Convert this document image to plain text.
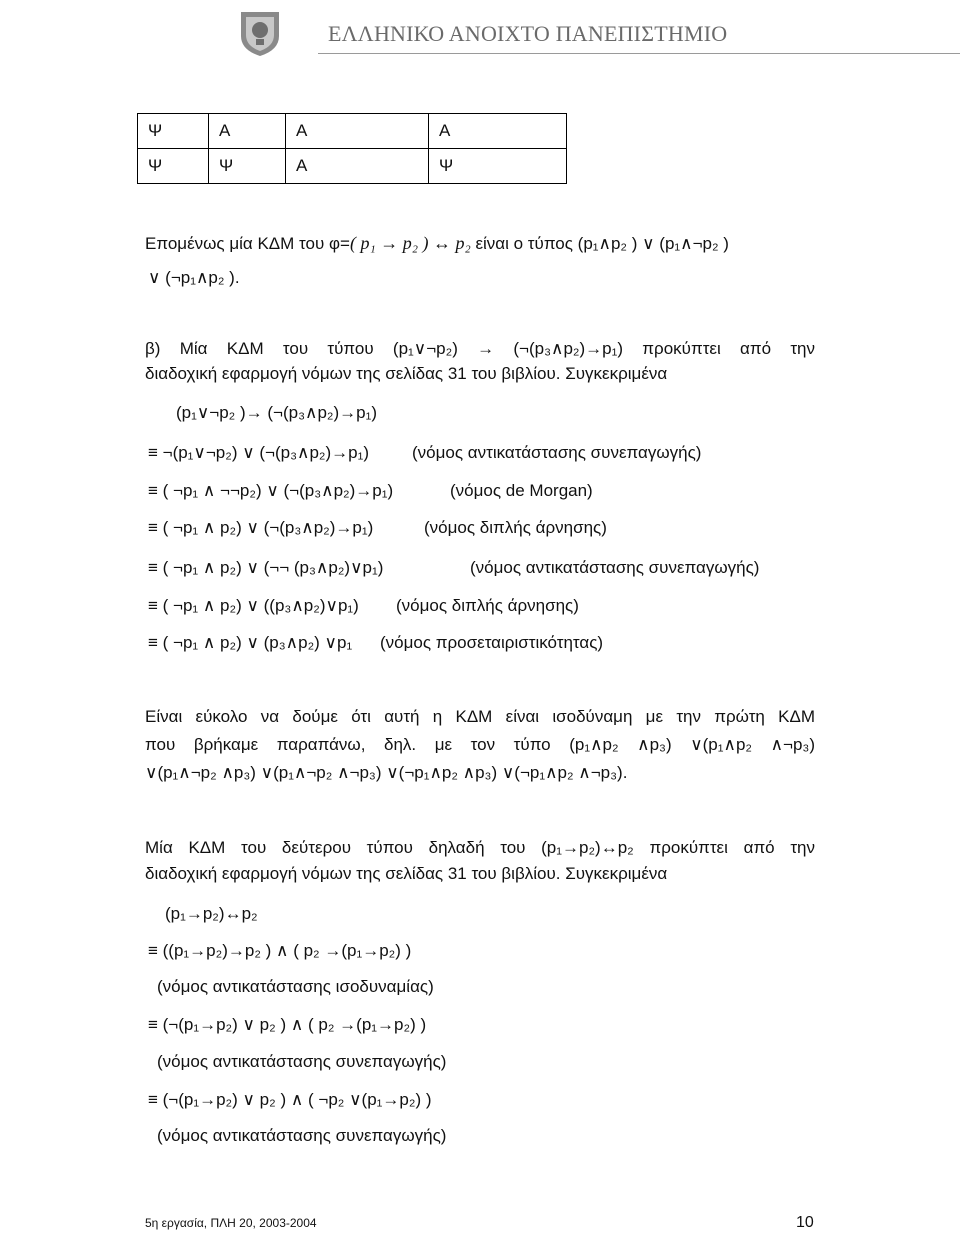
ΕΛΛΗΝΙΚΟ ΑΝΟΙΧΤΟ ΠΑΝΕΠΙΣΤΗΜΙΟ
Ψ	Α	Α	Α
Ψ	Ψ	Α	Ψ
Επομένως μία ΚΔΜ του φ=( p₁ → p₂ ) ↔ p₂ είναι ο τύπος (p₁∧p₂ ) ∨ (p₁∧¬p₂ )
∨ (¬p₁∧p₂ ).
β) Μία ΚΔΜ του τύπου (p₁∨¬p₂) → (¬(p₃∧p₂)→p₁) προκύπτει από την
διαδοχική εφαρμογή νόμων της σελίδας 31 του βιβλίου. Συγκεκριμένα
(p₁∨¬p₂ )→ (¬(p₃∧p₂)→p₁)
≡ ¬(p₁∨¬p₂) ∨ (¬(p₃∧p₂)→p₁)	(νόμος αντικατάστασης συνεπαγωγής)
≡ ( ¬p₁ ∧ ¬¬p₂) ∨ (¬(p₃∧p₂)→p₁)	(νόμος de Morgan)
≡ ( ¬p₁ ∧ p₂) ∨ (¬(p₃∧p₂)→p₁)	(νόμος διπλής άρνησης)
≡ ( ¬p₁ ∧ p₂) ∨ (¬¬ (p₃∧p₂)∨p₁)	(νόμος αντικατάστασης συνεπαγωγής)
≡ ( ¬p₁ ∧ p₂) ∨ ((p₃∧p₂)∨p₁) (νόμος διπλής άρνησης)
≡ ( ¬p₁ ∧ p₂) ∨ (p₃∧p₂) ∨p₁ (νόμος προσεταιριστικότητας)
Είναι εύκολο να δούμε ότι αυτή η ΚΔΜ είναι ισοδύναμη με την πρώτη ΚΔΜ
που βρήκαμε παραπάνω, δηλ. με τον τύπο (p₁∧p₂ ∧p₃) ∨(p₁∧p₂ ∧¬p₃)
∨(p₁∧¬p₂ ∧p₃) ∨(p₁∧¬p₂ ∧¬p₃) ∨(¬p₁∧p₂ ∧p₃) ∨(¬p₁∧p₂ ∧¬p₃).
Μία ΚΔΜ του δεύτερου τύπου δηλαδή του (p₁→p₂)↔p₂ προκύπτει από την
διαδοχική εφαρμογή νόμων της σελίδας 31 του βιβλίου. Συγκεκριμένα
(p₁→p₂)↔p₂
≡ ((p₁→p₂)→p₂ ) ∧ ( p₂ →(p₁→p₂) )
(νόμος αντικατάστασης ισοδυναμίας)
≡ (¬(p₁→p₂) ∨ p₂ ) ∧ ( p₂ →(p₁→p₂) )
(νόμος αντικατάστασης συνεπαγωγής)
≡ (¬(p₁→p₂) ∨ p₂ ) ∧ ( ¬p₂ ∨(p₁→p₂) )
(νόμος αντικατάστασης συνεπαγωγής)
5η εργασία, ΠΛΗ 20, 2003-2004	10
